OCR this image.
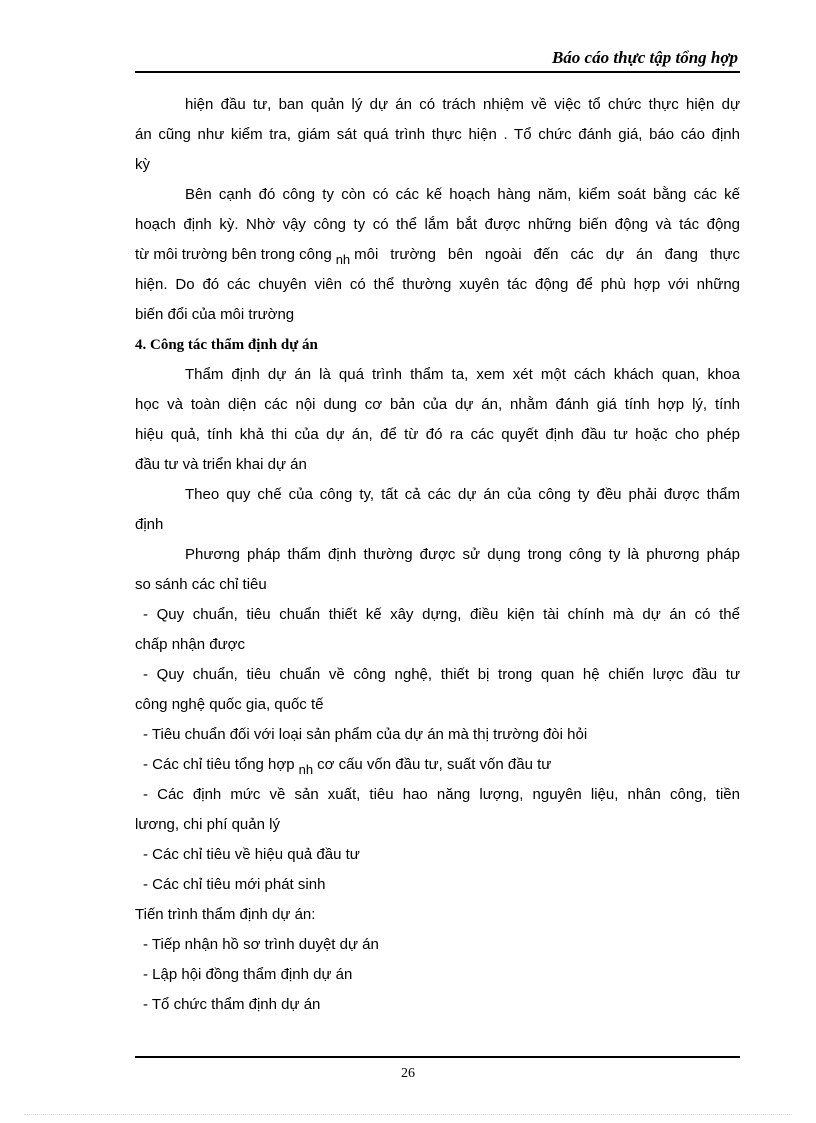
Báo cáo thực tập tổng hợp
hiện đầu tư, ban quản lý dự án có trách nhiệm về việc tổ chức thực hiện dự
án cũng như kiểm tra, giám sát quá trình thực hiện . Tổ chức đánh giá, báo cáo định
kỳ
Bên cạnh đó công ty còn có các kế hoạch hàng năm, kiểm soát bằng các kế
hoạch định kỳ. Nhờ vậy công ty có thể lắm bắt được những biến động và tác động
từ môi trường bên trong công nh môi trường bên ngoài đến các dự án đang thực
hiện. Do đó các chuyên viên có thể thường xuyên tác động để phù hợp với những
biến đổi của môi trường
4. Công tác thẩm định dự án
Thẩm định dự án là quá trình thẩm ta, xem xét một cách khách quan, khoa
học và toàn diện các nội dung cơ bản của dự án, nhằm đánh giá tính hợp lý, tính
hiệu quả, tính khả thi của dự án, để từ đó ra các quyết định đầu tư hoặc cho phép
đầu tư và triển khai dự án
Theo quy chế của công ty, tất cả các dự án của công ty đều phải được thẩm
định
Phương pháp thẩm định thường được sử dụng trong công ty là phương pháp
so sánh các chỉ tiêu
- Quy chuẩn, tiêu chuẩn thiết kế xây dựng, điều kiện tài chính mà dự án có thể
chấp nhận được
- Quy chuẩn, tiêu chuẩn về công nghệ, thiết bị trong quan hệ chiến lược đầu tư
công nghệ quốc gia, quốc tế
- Tiêu chuẩn đối với loại sản phẩm của dự án mà thị trường đòi hỏi
- Các chỉ tiêu tổng hợp nh cơ cấu vốn đầu tư, suất vốn đầu tư
- Các định mức về sản xuất, tiêu hao năng lượng, nguyên liệu, nhân công, tiền
lương, chi phí quản lý
- Các chỉ tiêu về hiệu quả đầu tư
- Các chỉ tiêu mới phát sinh
Tiến trình thẩm định dự án:
- Tiếp nhận hồ sơ trình duyệt dự án
- Lập hội đồng thẩm định dự án
- Tổ chức thẩm định dự án
26
